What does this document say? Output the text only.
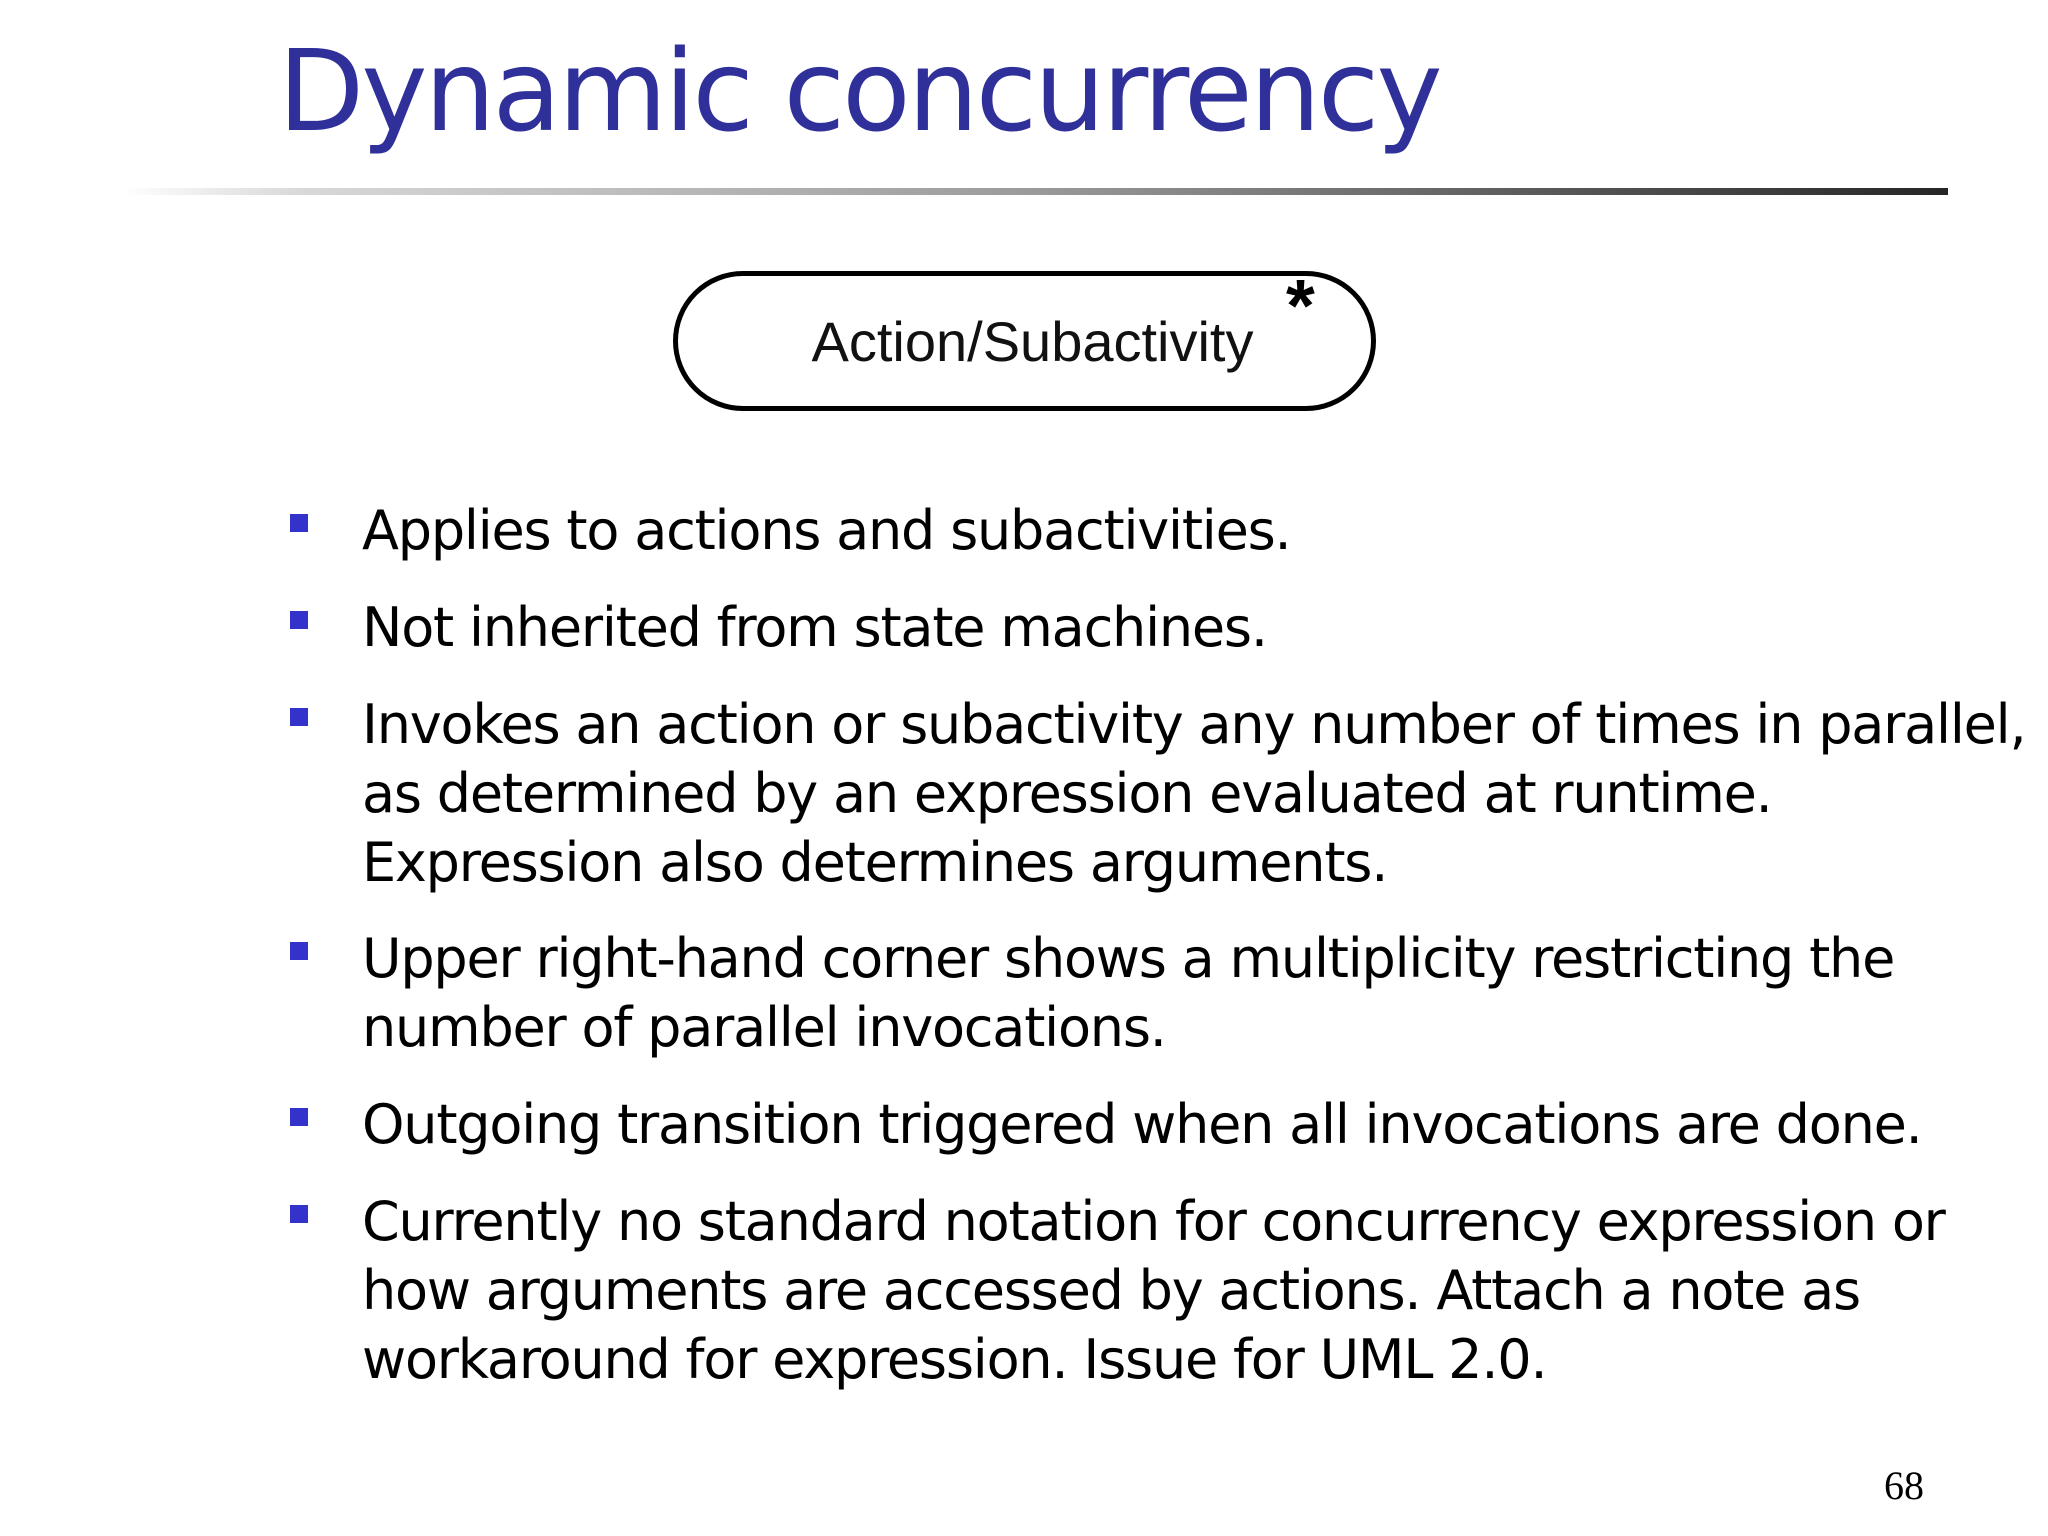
Dynamic concurrency
Action/Subactivity *
Applies to actions and subactivities.
Not inherited from state machines.
Invokes an action or subactivity any number of times in parallel,
as determined by an expression evaluated at runtime.
Expression also determines arguments.
Upper right-hand corner shows a multiplicity restricting the
number of parallel invocations.
Outgoing transition triggered when all invocations are done.
Currently no standard notation for concurrency expression or
how arguments are accessed by actions. Attach a note as
workaround for expression. Issue for UML 2.0.
68
